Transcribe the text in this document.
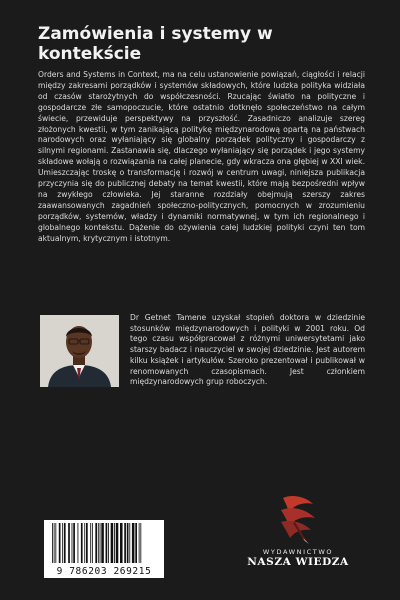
Zamówienia i systemy w kontekście

Orders and Systems in Context, ma na celu ustanowienie powiązań, ciągłości i relacji między zakresami porządków i systemów składowych, które ludzka polityka widziała od czasów starożytnych do współczesności. Rzucając światło na polityczne i gospodarcze złe samopoczucie, które ostatnio dotknęło społeczeństwo na całym świecie, przewiduje perspektywy na przyszłość. Zasadniczo analizuje szereg złożonych kwestii, w tym zanikającą politykę międzynarodową opartą na państwach narodowych oraz wyłaniający się globalny porządek polityczny i gospodarczy z silnymi regionami. Zastanawia się, dlaczego wyłaniający się porządek i jego systemy składowe wołają o rozwiązania na całej planecie, gdy wkracza ona głębiej w XXI wiek. Umieszczając troskę o transformację i rozwój w centrum uwagi, niniejsza publikacja przyczynia się do publicznej debaty na temat kwestii, które mają bezpośredni wpływ na zwykłego człowieka. Jej staranne rozdziały obejmują szerszy zakres zaawansowanych zagadnień społeczno-politycznych, pomocnych w zrozumieniu porządków, systemów, władzy i dynamiki normatywnej, w tym ich regionalnego i globalnego kontekstu. Dążenie do ożywienia całej ludzkiej polityki czyni ten tom aktualnym, krytycznym i istotnym.

Dr Getnet Tamene uzyskał stopień doktora w dziedzinie stosunków międzynarodowych i polityki w 2001 roku. Od tego czasu współpracował z różnymi uniwersytetami jako starszy badacz i nauczyciel w swojej dziedzinie. Jest autorem kilku książek i artykułów. Szeroko prezentował i publikował w renomowanych czasopismach. Jest członkiem międzynarodowych grup roboczych.

9 786203 269215
WYDAWNICTWO
NASZA WIEDZA
